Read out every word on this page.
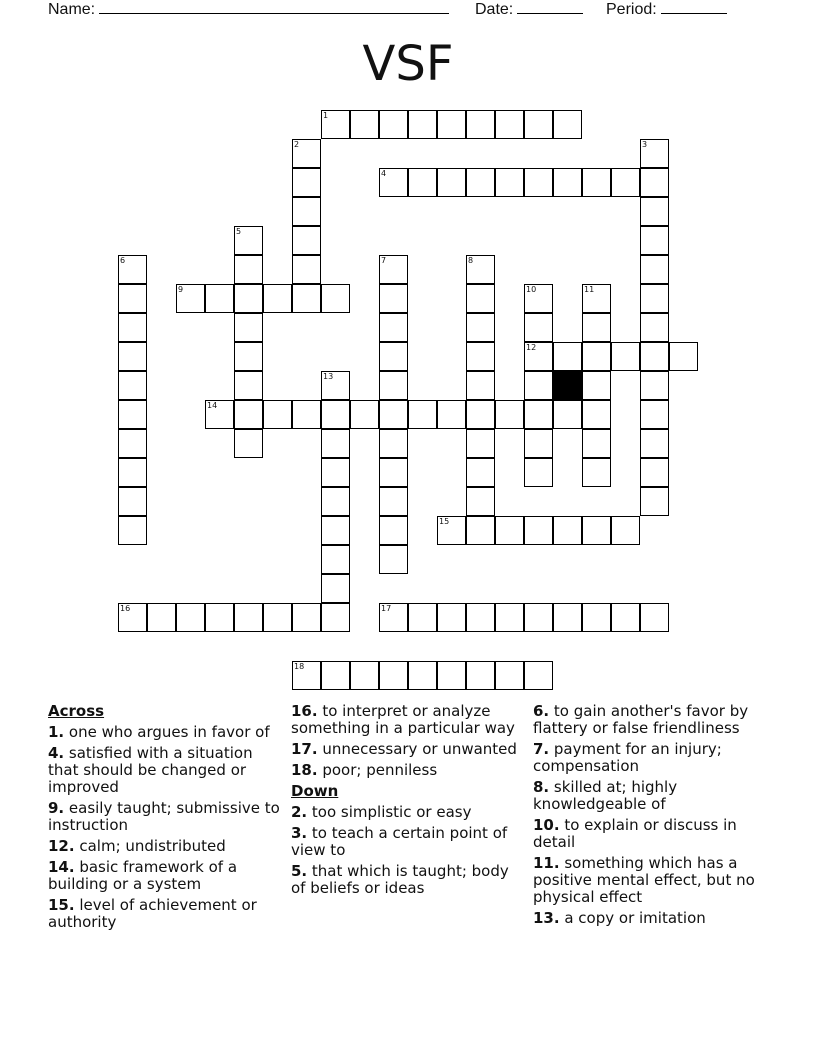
Name:	Date:	Period:
VSF
1
2	3
4
5
6	7	8
9	10
12
11
13
14
15
16	17
18
Across
1. one who argues in favor of
4. satisfied with a situation that should be changed or improved
9. easily taught; submissive to instruction
12. calm; undistributed
14. basic framework of a building or a system
15. level of achievement or authority
16. to interpret or analyze something in a particular way
17. unnecessary or unwanted
18. poor; penniless
Down
2. too simplistic or easy
3. to teach a certain point of view to
5. that which is taught; body of beliefs or ideas
6. to gain another's favor by flattery or false friendliness
7. payment for an injury; compensation
8. skilled at; highly knowledgeable of
10. to explain or discuss in detail
11. something which has a positive mental effect, but no physical effect
13. a copy or imitation
